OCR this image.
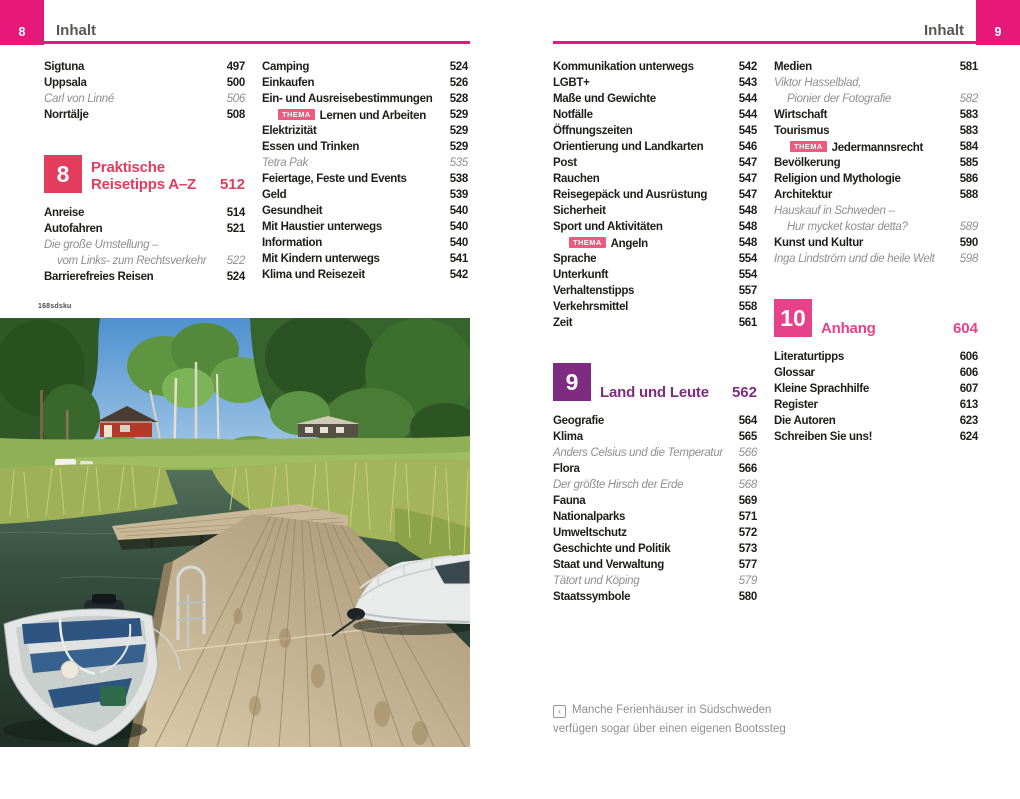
8	Inhalt
Sigtuna	497
Uppsala	500
Carl von Linné	506
Norrtälje	508
8	Praktische
Reisetipps A–Z	512
Anreise	514
Autofahren	521
Die große Umstellung –
vom Links- zum Rechtsverkehr 522
Barrierefreies Reisen	524
Camping	524
Einkaufen	526
Ein- und Ausreisebestimmungen 528
THEMA Lernen und Arbeiten 529
Elektrizität	529
Essen und Trinken	529
Tetra Pak	535
Feiertage, Feste und Events	538
Geld	539
Gesundheit	540
Mit Haustier unterwegs	540
Information	540
Mit Kindern unterwegs	541
Klima und Reisezeit	542
168sdsku
9
Inhalt
Kommunikation unterwegs	542
LGBT+	543
Maße und Gewichte	544
Notfälle	544
Öffnungszeiten	545
Orientierung und Landkarten	546
Post	547
Rauchen	547
Reisegepäck und Ausrüstung	547
Sicherheit	548
Sport und Aktivitäten	548
THEMA Angeln	548
Sprache	554
Unterkunft	554
Verhaltenstipps	557
Verkehrsmittel	558
Zeit	561
9	Land und Leute	562
Geografie	564
Klima	565
Anders Celsius und die Temperatur 566
Flora	566
Der größte Hirsch der Erde	568
Fauna	569
Nationalparks	571
Umweltschutz	572
Geschichte und Politik	573
Staat und Verwaltung	577
Tätort und Köping	579
Staatssymbole	580
Medien	581
Viktor Hasselblad,
Pionier der Fotografie	582
Wirtschaft	583
Tourismus	583
THEMA Jedermannsrecht	584
Bevölkerung	585
Religion und Mythologie	586
Architektur	588
Hauskauf in Schweden –
Hur mycket kostar detta?	589
Kunst und Kultur	590
Inga Lindström und die heile Welt 598
10	Anhang	604
Literaturtipps	606
Glossar	606
Kleine Sprachhilfe	607
Register	613
Die Autoren	623
Schreiben Sie uns!	624
‹ Manche Ferienhäuser in Südschweden
verfügen sogar über einen eigenen Bootssteg
